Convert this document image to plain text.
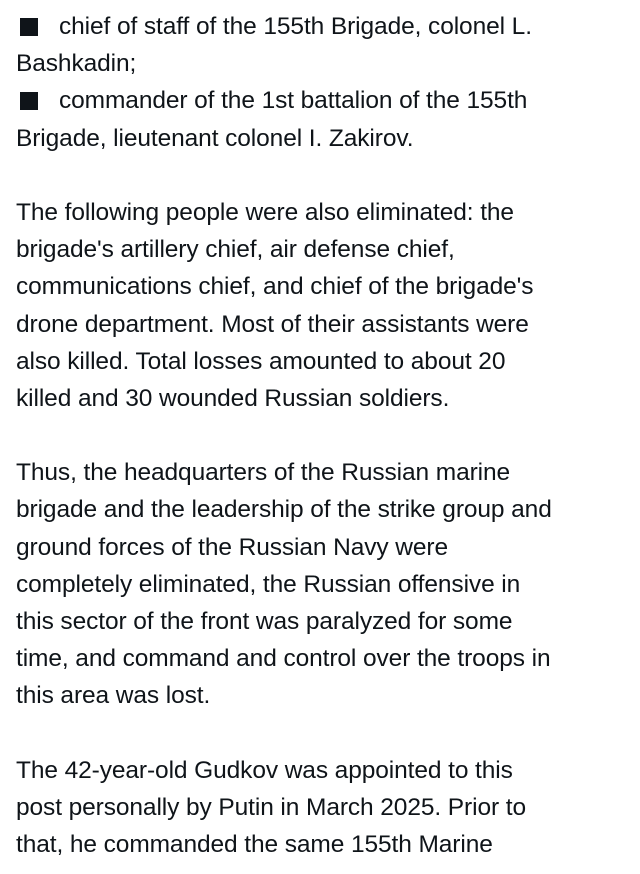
chief of staff of the 155th Brigade, colonel L.
Bashkadin;
commander of the 1st battalion of the 155th
Brigade, lieutenant colonel I. Zakirov.
The following people were also eliminated: the
brigade's artillery chief, air defense chief,
communications chief, and chief of the brigade's
drone department. Most of their assistants were
also killed. Total losses amounted to about 20
killed and 30 wounded Russian soldiers.
Thus, the headquarters of the Russian marine
brigade and the leadership of the strike group and
ground forces of the Russian Navy were
completely eliminated, the Russian offensive in
this sector of the front was paralyzed for some
time, and command and control over the troops in
this area was lost.
The 42-year-old Gudkov was appointed to this
post personally by Putin in March 2025. Prior to
that, he commanded the same 155th Marine
